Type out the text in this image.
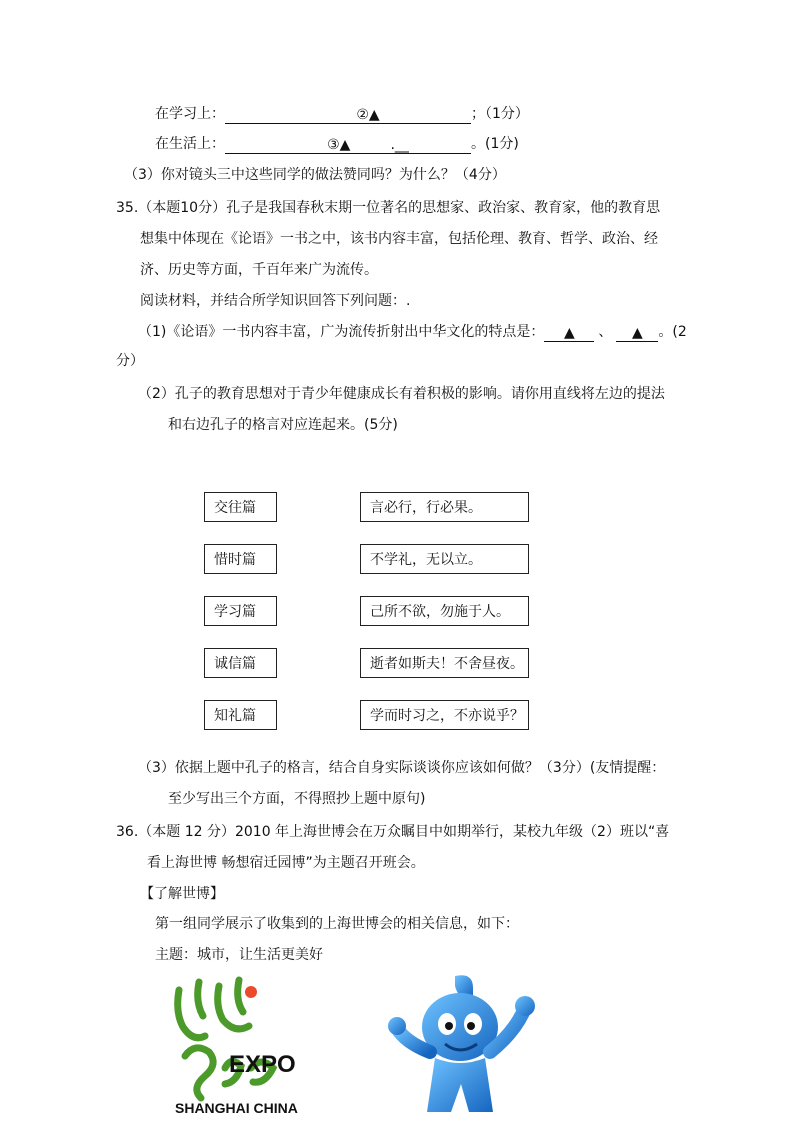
在学习上：	②▲	；（1分）
在生活上：	③▲	.__	。(1分)
（3）你对镜头三中这些同学的做法赞同吗？为什么？（4分）
35.（本题10分）孔子是我国春秋末期一位著名的思想家、政治家、教育家，他的教育思
想集中体现在《论语》一书之中，该书内容丰富，包括伦理、教育、哲学、政治、经
济、历史等方面，千百年来广为流传。
阅读材料，并结合所学知识回答下列问题：.
（1)《论语》一书内容丰富，广为流传折射出中华文化的特点是： ▲ 、 ▲ 。(2
分）
（2）孔子的教育思想对于青少年健康成长有着积极的影响。请你用直线将左边的提法
和右边孔子的格言对应连起来。(5分)
交往篇
惜时篇
学习篇
诚信篇
知礼篇
言必行，行必果。
不学礼，无以立。
己所不欲，勿施于人。
逝者如斯夫！不舍昼夜。
学而时习之，不亦说乎？
（3）依据上题中孔子的格言，结合自身实际谈谈你应该如何做？（3分）(友情提醒：
至少写出三个方面，不得照抄上题中原句)
36.（本题 12 分）2010 年上海世博会在万众瞩目中如期举行，某校九年级（2）班以“喜
看上海世博 畅想宿迁园博”为主题召开班会。
【了解世博】
第一组同学展示了收集到的上海世博会的相关信息，如下：
主题：城市，让生活更美好
EXPO
SHANGHAI CHINA
